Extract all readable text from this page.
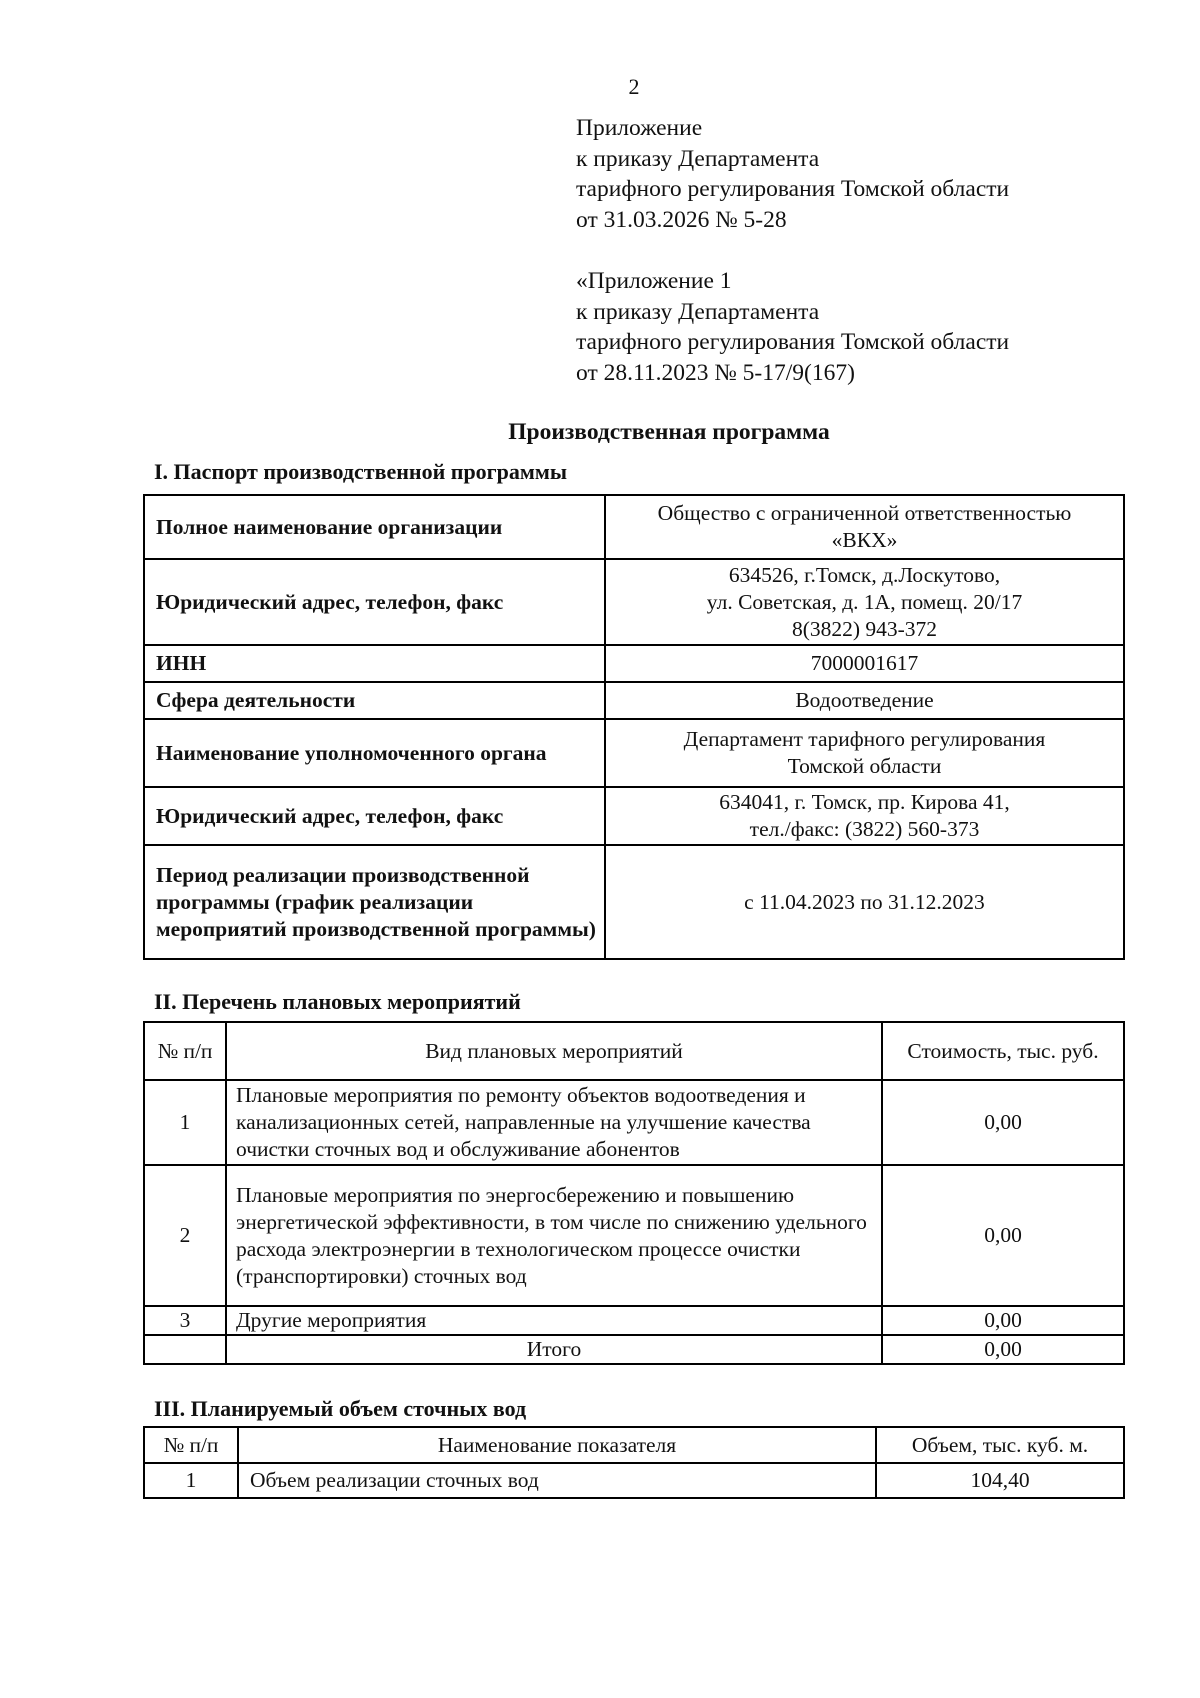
2
Приложение
к приказу Департамента
тарифного регулирования Томской области
от 31.03.2026 № 5-28
«Приложение 1
к приказу Департамента
тарифного регулирования Томской области
от 28.11.2023 № 5-17/9(167)
Производственная программа
I. Паспорт производственной программы
Полное наименование организации	Общество с ограниченной ответственностью
«ВКХ»

Юридический адрес, телефон, факс	634526, г.Томск, д.Лоскутово,
ул. Советская, д. 1А, помещ. 20/17
8(3822) 943-372

ИНН	7000001617

Сфера деятельности	Водоотведение

Наименование уполномоченного органа	Департамент тарифного регулирования
Томской области

Юридический адрес, телефон, факс	634041, г. Томск, пр. Кирова 41,
тел./факс: (3822) 560-373

Период реализации производственной программы (график реализации мероприятий производственной программы)	с 11.04.2023 по 31.12.2023
II. Перечень плановых мероприятий
№ п/п	Вид плановых мероприятий	Стоимость, тыс. руб.
1	Плановые мероприятия по ремонту объектов водоотведения и канализационных сетей, направленные на улучшение качества очистки сточных вод и обслуживание абонентов	0,00
2	Плановые мероприятия по энергосбережению и повышению энергетической эффективности, в том числе по снижению удельного расхода электроэнергии в технологическом процессе очистки (транспортировки) сточных вод	0,00
3	Другие мероприятия	0,00
	Итого	0,00
III. Планируемый объем сточных вод
№ п/п	Наименование показателя	Объем, тыс. куб. м.
1	Объем реализации сточных вод	104,40
